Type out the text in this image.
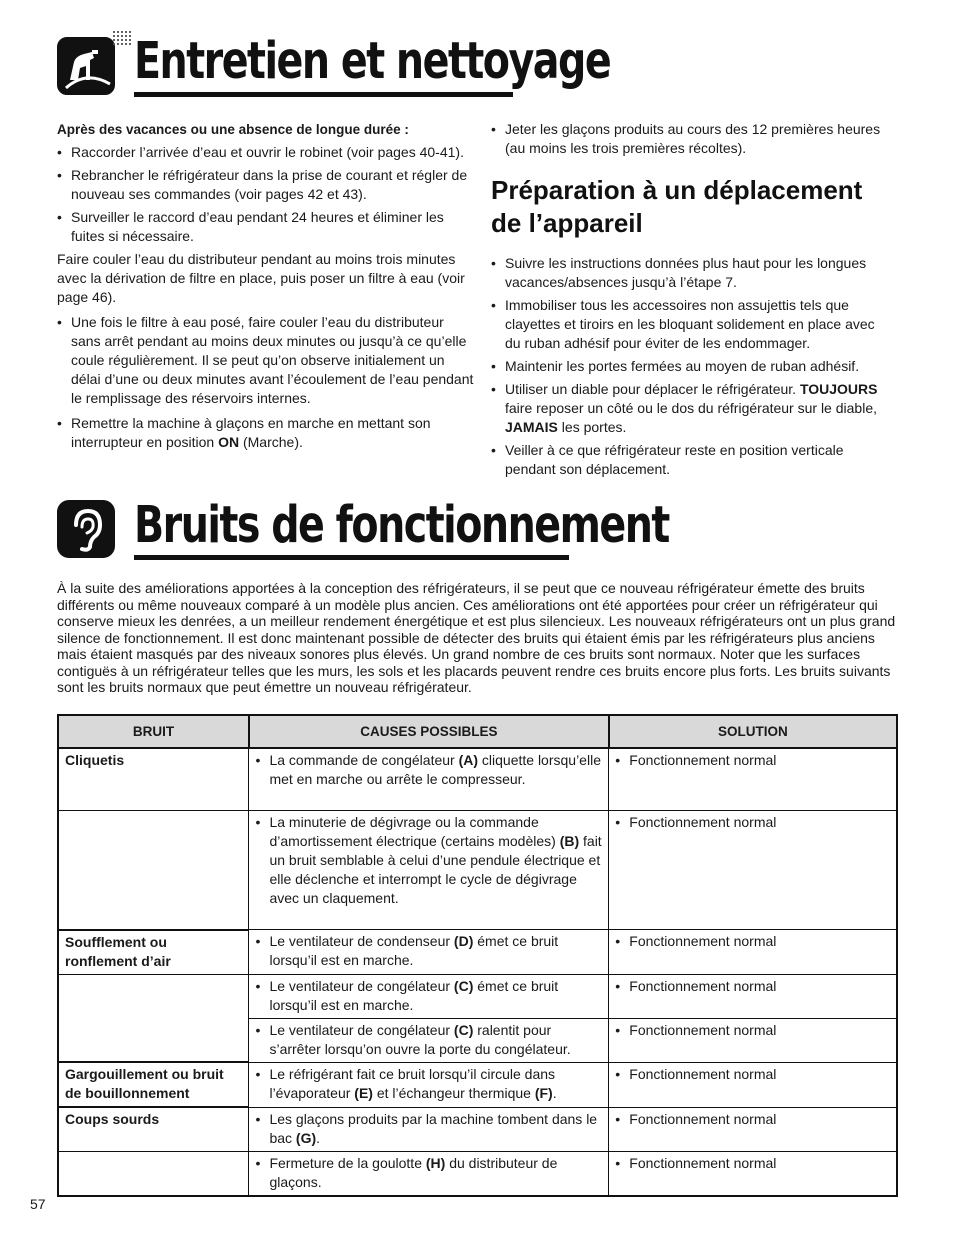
Entretien et nettoyage
Après des vacances ou une absence de longue durée :
• Raccorder l’arrivée d’eau et ouvrir le robinet (voir pages 40-41).
• Rebrancher le réfrigérateur dans la prise de courant et régler de nouveau ses commandes (voir pages 42 et 43).
• Surveiller le raccord d’eau pendant 24 heures et éliminer les fuites si nécessaire.

Faire couler l’eau du distributeur pendant au moins trois minutes avec la dérivation de filtre en place, puis poser un filtre à eau (voir page 46).

• Une fois le filtre à eau posé, faire couler l’eau du distributeur sans arrêt pendant au moins deux minutes ou jusqu’à ce qu’elle coule régulièrement. Il se peut qu’on observe initialement un délai d’une ou deux minutes avant l’écoulement de l’eau pendant le remplissage des réservoirs internes.
• Remettre la machine à glaçons en marche en mettant son interrupteur en position ON (Marche).
• Jeter les glaçons produits au cours des 12 premières heures (au moins les trois premières récoltes).
Préparation à un déplacement de l’appareil
• Suivre les instructions données plus haut pour les longues vacances/absences jusqu’à l’étape 7.
• Immobiliser tous les accessoires non assujettis tels que clayettes et tiroirs en les bloquant solidement en place avec du ruban adhésif pour éviter de les endommager.
• Maintenir les portes fermées au moyen de ruban adhésif.
• Utiliser un diable pour déplacer le réfrigérateur. TOUJOURS faire reposer un côté ou le dos du réfrigérateur sur le diable, JAMAIS les portes.
• Veiller à ce que réfrigérateur reste en position verticale pendant son déplacement.
Bruits de fonctionnement
À la suite des améliorations apportées à la conception des réfrigérateurs, il se peut que ce nouveau réfrigérateur émette des bruits différents ou même nouveaux comparé à un modèle plus ancien. Ces améliorations ont été apportées pour créer un réfrigérateur qui conserve mieux les denrées, a un meilleur rendement énergétique et est plus silencieux. Les nouveaux réfrigérateurs ont un plus grand silence de fonctionnement. Il est donc maintenant possible de détecter des bruits qui étaient émis par les réfrigérateurs plus anciens mais étaient masqués par des niveaux sonores plus élevés. Un grand nombre de ces bruits sont normaux. Noter que les surfaces contiguës à un réfrigérateur telles que les murs, les sols et les placards peuvent rendre ces bruits encore plus forts. Les bruits suivants sont les bruits normaux que peut émettre un nouveau réfrigérateur.
BRUIT	CAUSES POSSIBLES	SOLUTION
Cliquetis	• La commande de congélateur (A) cliquette lorsqu’elle met en marche ou arrête le compresseur.	• Fonctionnement normal

	• La minuterie de dégivrage ou la commande d’amortissement électrique (certains modèles) (B) fait un bruit semblable à celui d’une pendule électrique et elle déclenche et interrompt le cycle de dégivrage avec un claquement.	• Fonctionnement normal

Soufflement ou ronflement d’air	• Le ventilateur de condenseur (D) émet ce bruit lorsqu’il est en marche.	• Fonctionnement normal

	• Le ventilateur de congélateur (C) émet ce bruit lorsqu’il est en marche.	• Fonctionnement normal

	• Le ventilateur de congélateur (C) ralentit pour s’arrêter lorsqu’on ouvre la porte du congélateur.	• Fonctionnement normal

Gargouillement ou bruit de bouillonnement	• Le réfrigérant fait ce bruit lorsqu’il circule dans l’évaporateur (E) et l’échangeur thermique (F).	• Fonctionnement normal

Coups sourds	• Les glaçons produits par la machine tombent dans le bac (G).	• Fonctionnement normal

	• Fermeture de la goulotte (H) du distributeur de glaçons.	• Fonctionnement normal
57
